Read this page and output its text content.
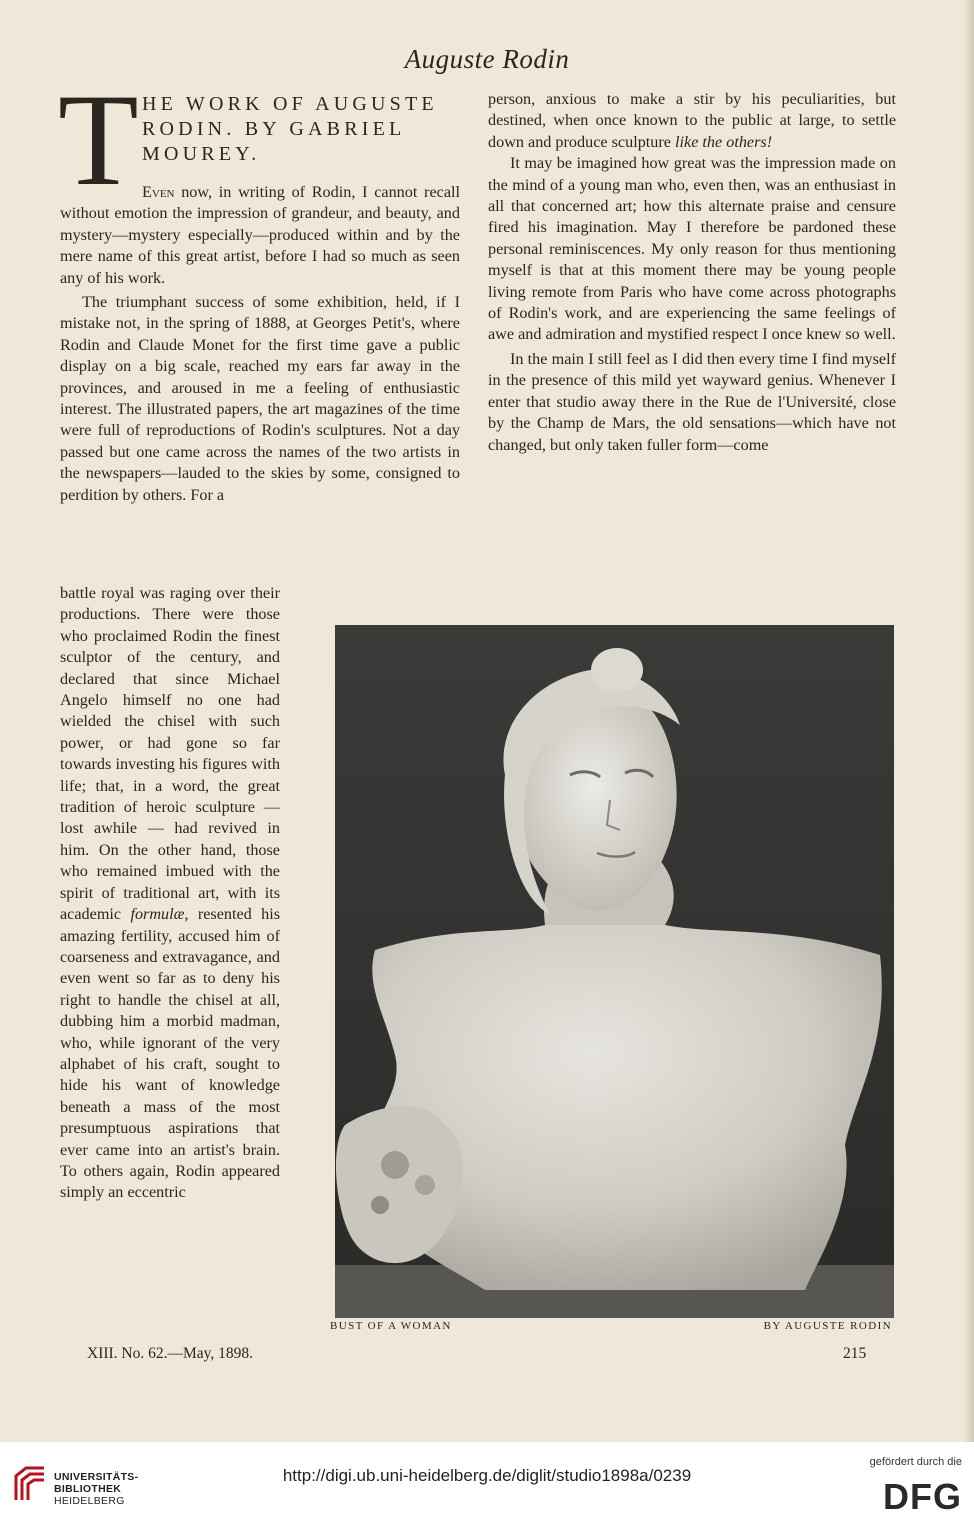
Auguste Rodin
T HE WORK OF AUGUSTE
RODIN. BY GABRIEL
MOUREY.

Even now, in writing of Rodin, I cannot recall without emotion the impression of grandeur, and beauty, and mystery—mystery especially—produced within and by the mere name of this great artist, before I had so much as seen any of his work.

The triumphant success of some exhibition, held, if I mistake not, in the spring of 1888, at Georges Petit's, where Rodin and Claude Monet for the first time gave a public display on a big scale, reached my ears far away in the provinces, and aroused in me a feeling of enthusiastic interest. The illustrated papers, the art magazines of the time were full of reproductions of Rodin's sculptures. Not a day passed but one came across the names of the two artists in the newspapers—lauded to the skies by some, consigned to perdition by others. For a

battle royal was raging over their productions. There were those who proclaimed Rodin the finest sculptor of the century, and declared that since Michael Angelo himself no one had wielded the chisel with such power, or had gone so far towards investing his figures with life; that, in a word, the great tradition of heroic sculpture — lost awhile — had revived in him. On the other hand, those who remained imbued with the spirit of traditional art, with its academic formulæ, resented his amazing fertility, accused him of coarseness and extravagance, and even went so far as to deny his right to handle the chisel at all, dubbing him a morbid madman, who, while ignorant of the very alphabet of his craft, sought to hide his want of knowledge beneath a mass of the most presumptuous aspirations that ever came into an artist's brain. To others again, Rodin appeared simply an eccentric

person, anxious to make a stir by his peculiarities, but destined, when once known to the public at large, to settle down and produce sculpture like the others!

It may be imagined how great was the impression made on the mind of a young man who, even then, was an enthusiast in all that concerned art; how this alternate praise and censure fired his imagination. May I therefore be pardoned these personal reminiscences. My only reason for thus mentioning myself is that at this moment there may be young people living remote from Paris who have come across photographs of Rodin's work, and are experiencing the same feelings of awe and admiration and mystified respect I once knew so well.

In the main I still feel as I did then every time I find myself in the presence of this mild yet wayward genius. Whenever I enter that studio away there in the Rue de l'Université, close by the Champ de Mars, the old sensations—which have not changed, but only taken fuller form—come

BUST OF A WOMAN	BY AUGUSTE RODIN
XIII. No. 62.—May, 1898.	215
UNIVERSITÄTS-
BIBLIOTHEK
HEIDELBERG
http://digi.ub.uni-heidelberg.de/diglit/studio1898a/0239
gefördert durch die
DFG
